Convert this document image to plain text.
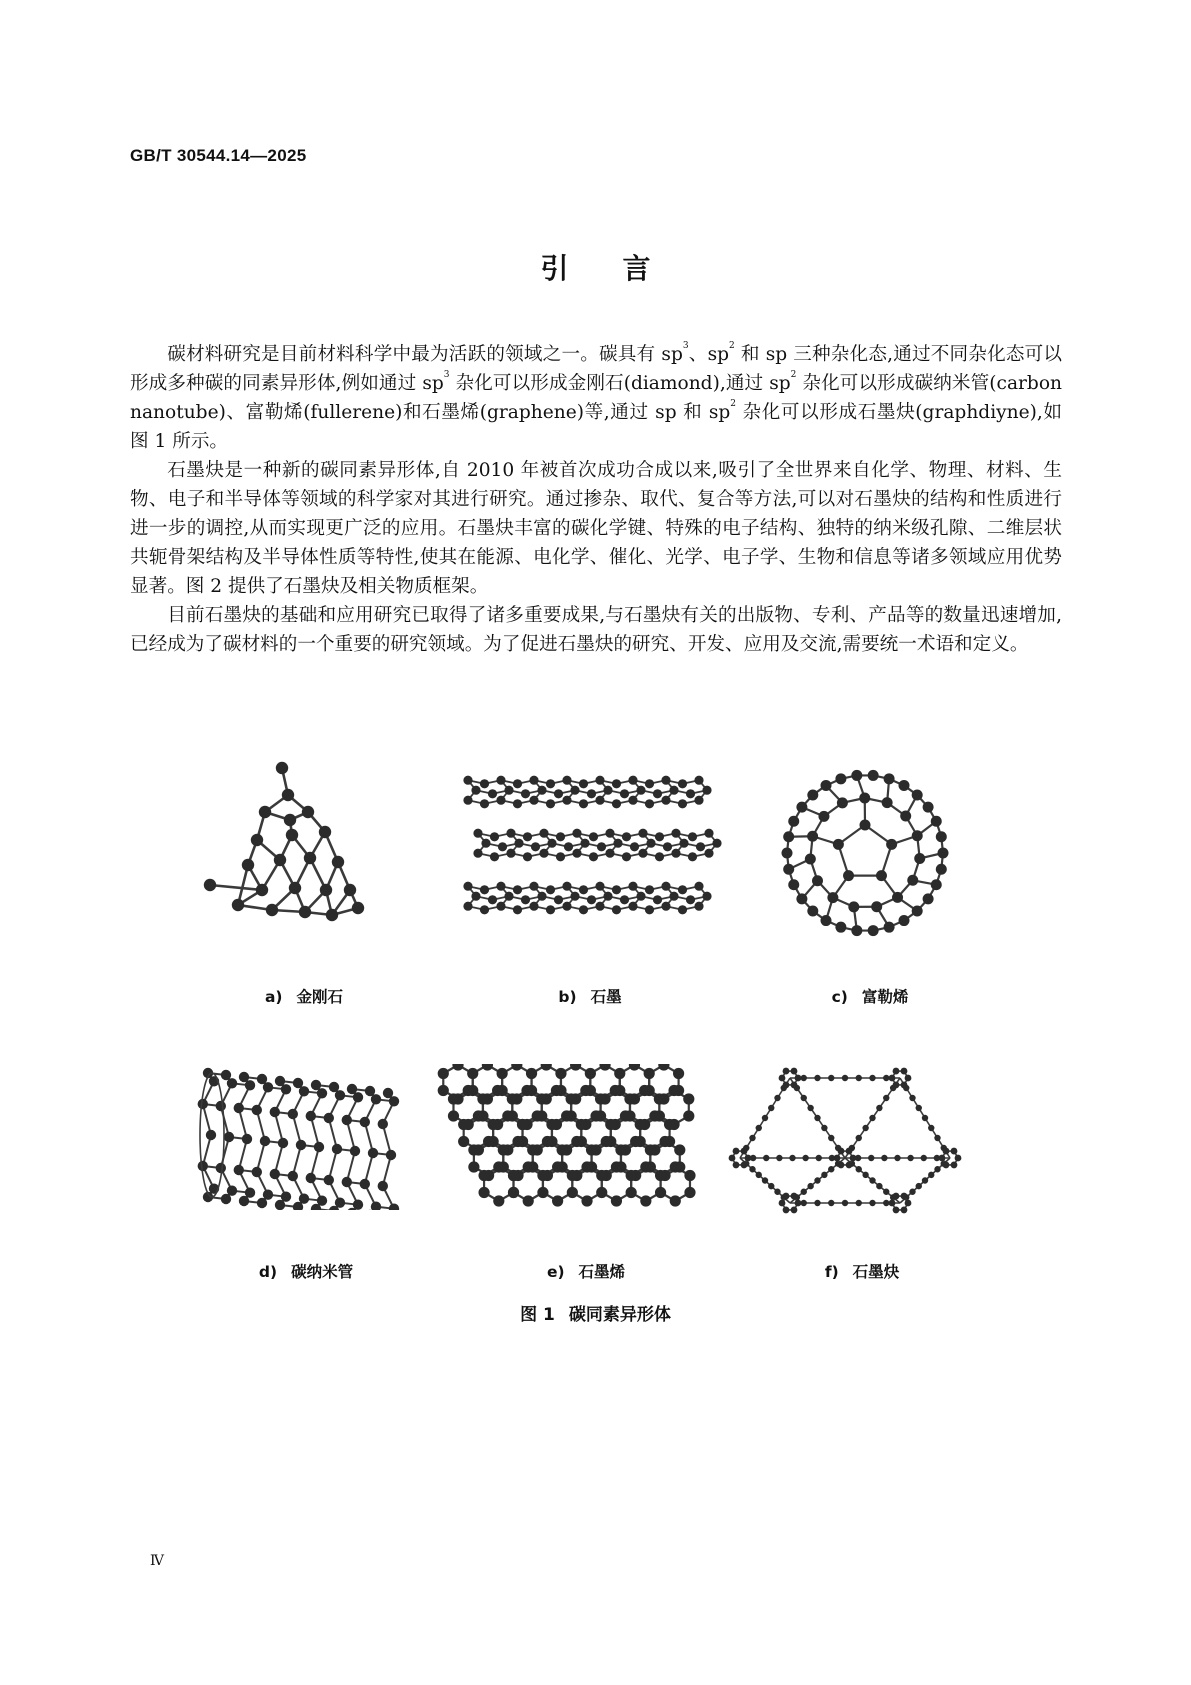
GB/T 30544.14—2025
引言

碳材料研究是目前材料科学中最为活跃的领域之一。碳具有 $sp^3$、$sp^2$ 和 sp 三种杂化态,通过不同杂化态可以形成多种碳的同素异形体,例如通过 $sp^3$ 杂化可以形成金刚石(diamond),通过 $sp^2$ 杂化可以形成碳纳米管(carbon nanotube)、富勒烯(fullerene)和石墨烯(graphene)等,通过 sp 和 $sp^2$ 杂化可以形成石墨炔(graphdiyne),如图 1 所示。

石墨炔是一种新的碳同素异形体,自 2010 年被首次成功合成以来,吸引了全世界来自化学、物理、材料、生物、电子和半导体等领域的科学家对其进行研究。通过掺杂、取代、复合等方法,可以对石墨炔的结构和性质进行进一步的调控,从而实现更广泛的应用。石墨炔丰富的碳化学键、特殊的电子结构、独特的纳米级孔隙、二维层状共轭骨架结构及半导体性质等特性,使其在能源、电化学、催化、光学、电子学、生物和信息等诸多领域应用优势显著。图 2 提供了石墨炔及相关物质框架。

目前石墨炔的基础和应用研究已取得了诸多重要成果,与石墨炔有关的出版物、专利、产品等的数量迅速增加,已经成为了碳材料的一个重要的研究领域。为了促进石墨炔的研究、开发、应用及交流,需要统一术语和定义。

a) 金刚石	b) 石墨	c) 富勒烯
d) 碳纳米管	e) 石墨烯	f) 石墨炔
图 1 碳同素异形体
Ⅳ
